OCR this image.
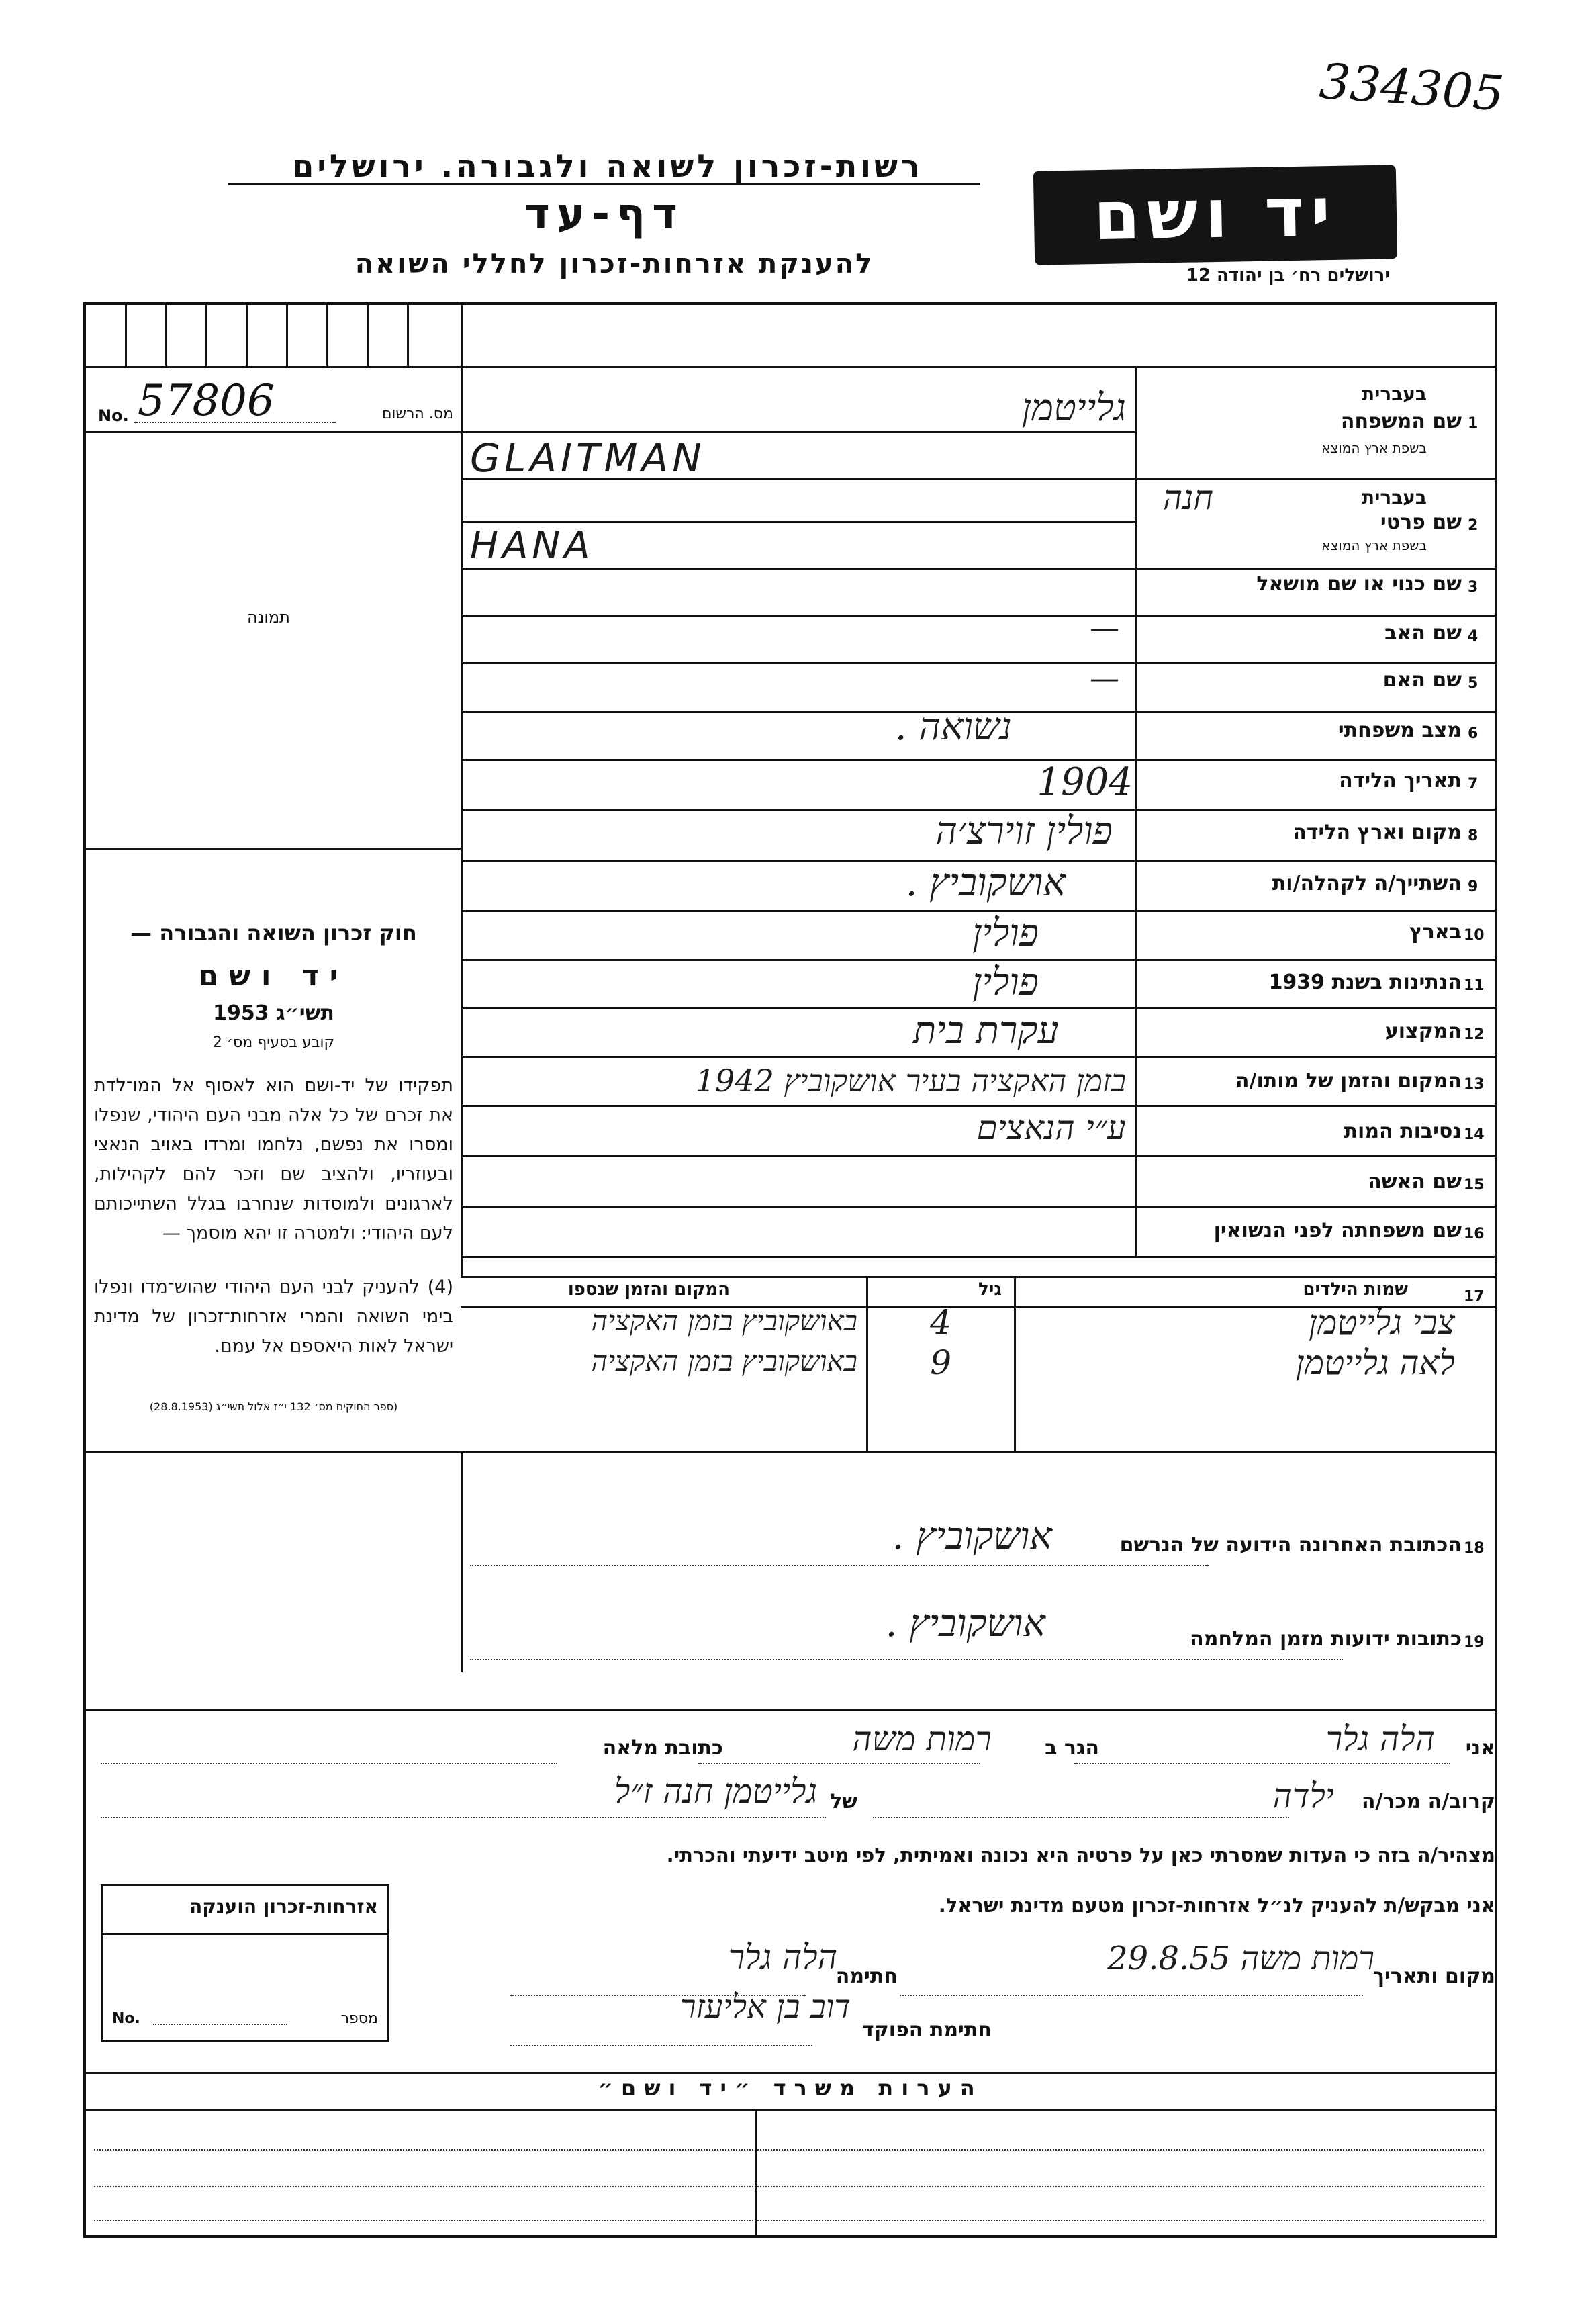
334305
רשות-זכרון לשואה ולגבורה. ירושלים
דף-עד
להענקת אזרחות-זכרון לחללי השואה
יד ושם
ירושלים רח׳ בן יהודה 12
No. 57806	מס. הרשום
תמונה
חוק זכרון השואה והגבורה —
יד ושם
תשי״ג 1953
קובע בסעיף מס׳ 2
תפקידו של יד-ושם הוא לאסוף אל המו־לדת את זכרם של כל אלה מבני העם היהודי, שנפלו ומסרו את נפשם, נלחמו ומרדו באויב הנאצי ובעוזריו, ולהציב שם וזכר להם לקהילות, לארגונים ולמוסדות שנחרבו בגלל השתייכותם לעם היהודי: ולמטרה זו יהא מוסמך —
(4) להעניק לבני העם היהודי שהוש־מדו ונפלו בימי השואה והמרי אזרחות־זכרון של מדינת ישראל לאות היאספם אל עמם.
(ספר החוקים מס׳ 132 י״ז אלול תשי״ג (28.8.1953)
בעברית
1
שם המשפחה
בשפת ארץ המוצא
גלייטמן
GLAITMAN
בעברית
2
שם פרטי
בשפת ארץ המוצא
חנה
HANA
3
שם כנוי או שם מושאל
4
שם האב
—
5
שם האם
—
6
מצב משפחתי
נשואה .
7
תאריך הלידה
1904
8
מקום וארץ הלידה
פולין זוירצ׳ה
9
השתייך/ה לקהלה/ות
אושקוביץ .
10
בארץ
פולין
11
הנתינות בשנת 1939
פולין
12
המקצוע
עקרת בית
13
המקום והזמן של מותו/ה
בזמן האקציה בעיר אושקוביץ 1942
14
נסיבות המות
ע״י הנאצים
15
שם האשה
16
שם משפחתה לפני הנשואין
17
שמות הילדים
גיל
המקום והזמן שנספו
צבי גלייטמן
4
באושקוביץ בזמן האקציה
לאה גלייטמן
9
באושקוביץ בזמן האקציה
18
הכתובת האחרונה הידועה של הנרשם
אושקוביץ .
19
כתובות ידועות מזמן המלחמה
אושקוביץ .
אני
הלה גלר
הגר ב
רמות משה
כתובת מלאה
קרוב/ה מכר/ה
ילדה
של
גלייטמן חנה ז״ל
מצהיר/ה בזה כי העדות שמסרתי כאן על פרטיה היא נכונה ואמיתית, לפי מיטב ידיעתי והכרתי.
אני מבקש/ת להעניק לנ״ל אזרחות-זכרון מטעם מדינת ישראל.
מקום ותאריך
רמות משה 29.8.55
חתימה
הלה גלר
חתימת הפוקד
דוב בן אליעזר
אזרחות-זכרון הוענקה
No.	מספר
הערות משרד ״יד ושם״
